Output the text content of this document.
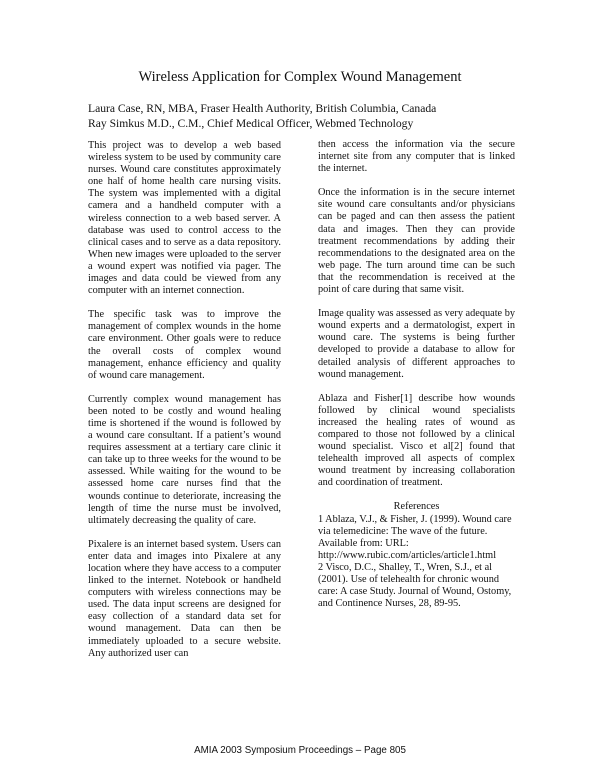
Wireless Application for Complex Wound Management
Laura Case, RN, MBA, Fraser Health Authority, British Columbia, Canada
Ray Simkus M.D., C.M., Chief Medical Officer, Webmed Technology

This project was to develop a web based wireless system to be used by community care nurses. Wound care constitutes approximately one half of home health care nursing visits. The system was implemented with a digital camera and a handheld computer with a wireless connection to a web based server. A database was used to control access to the clinical cases and to serve as a data repository. When new images were uploaded to the server a wound expert was notified via pager. The images and data could be viewed from any computer with an internet connection.

The specific task was to improve the management of complex wounds in the home care environment. Other goals were to reduce the overall costs of complex wound management, enhance efficiency and quality of wound care management.

Currently complex wound management has been noted to be costly and wound healing time is shortened if the wound is followed by a wound care consultant. If a patient’s wound requires assessment at a tertiary care clinic it can take up to three weeks for the wound to be assessed. While waiting for the wound to be assessed home care nurses find that the wounds continue to deteriorate, increasing the length of time the nurse must be involved, ultimately decreasing the quality of care.

Pixalere is an internet based system. Users can enter data and images into Pixalere at any location where they have access to a computer linked to the internet. Notebook or handheld computers with wireless connections may be used. The data input screens are designed for easy collection of a standard data set for wound management. Data can then be immediately uploaded to a secure website. Any authorized user can

then access the information via the secure internet site from any computer that is linked the internet.

Once the information is in the secure internet site wound care consultants and/or physicians can be paged and can then assess the patient data and images. Then they can provide treatment recommendations by adding their recommendations to the designated area on the web page. The turn around time can be such that the recommendation is received at the point of care during that same visit.

Image quality was assessed as very adequate by wound experts and a dermatologist, expert in wound care. The systems is being further developed to provide a database to allow for detailed analysis of different approaches to wound management.

Ablaza and Fisher[1] describe how wounds followed by clinical wound specialists increased the healing rates of wound as compared to those not followed by a clinical wound specialist. Visco et al[2] found that telehealth improved all aspects of complex wound treatment by increasing collaboration and coordination of treatment.

References
1 Ablaza, V.J., & Fisher, J. (1999). Wound care via telemedicine: The wave of the future. Available from: URL: http://www.rubic.com/articles/article1.html
2 Visco, D.C., Shalley, T., Wren, S.J., et al (2001). Use of telehealth for chronic wound care: A case Study. Journal of Wound, Ostomy, and Continence Nurses, 28, 89-95.
AMIA 2003 Symposium Proceedings – Page 805
